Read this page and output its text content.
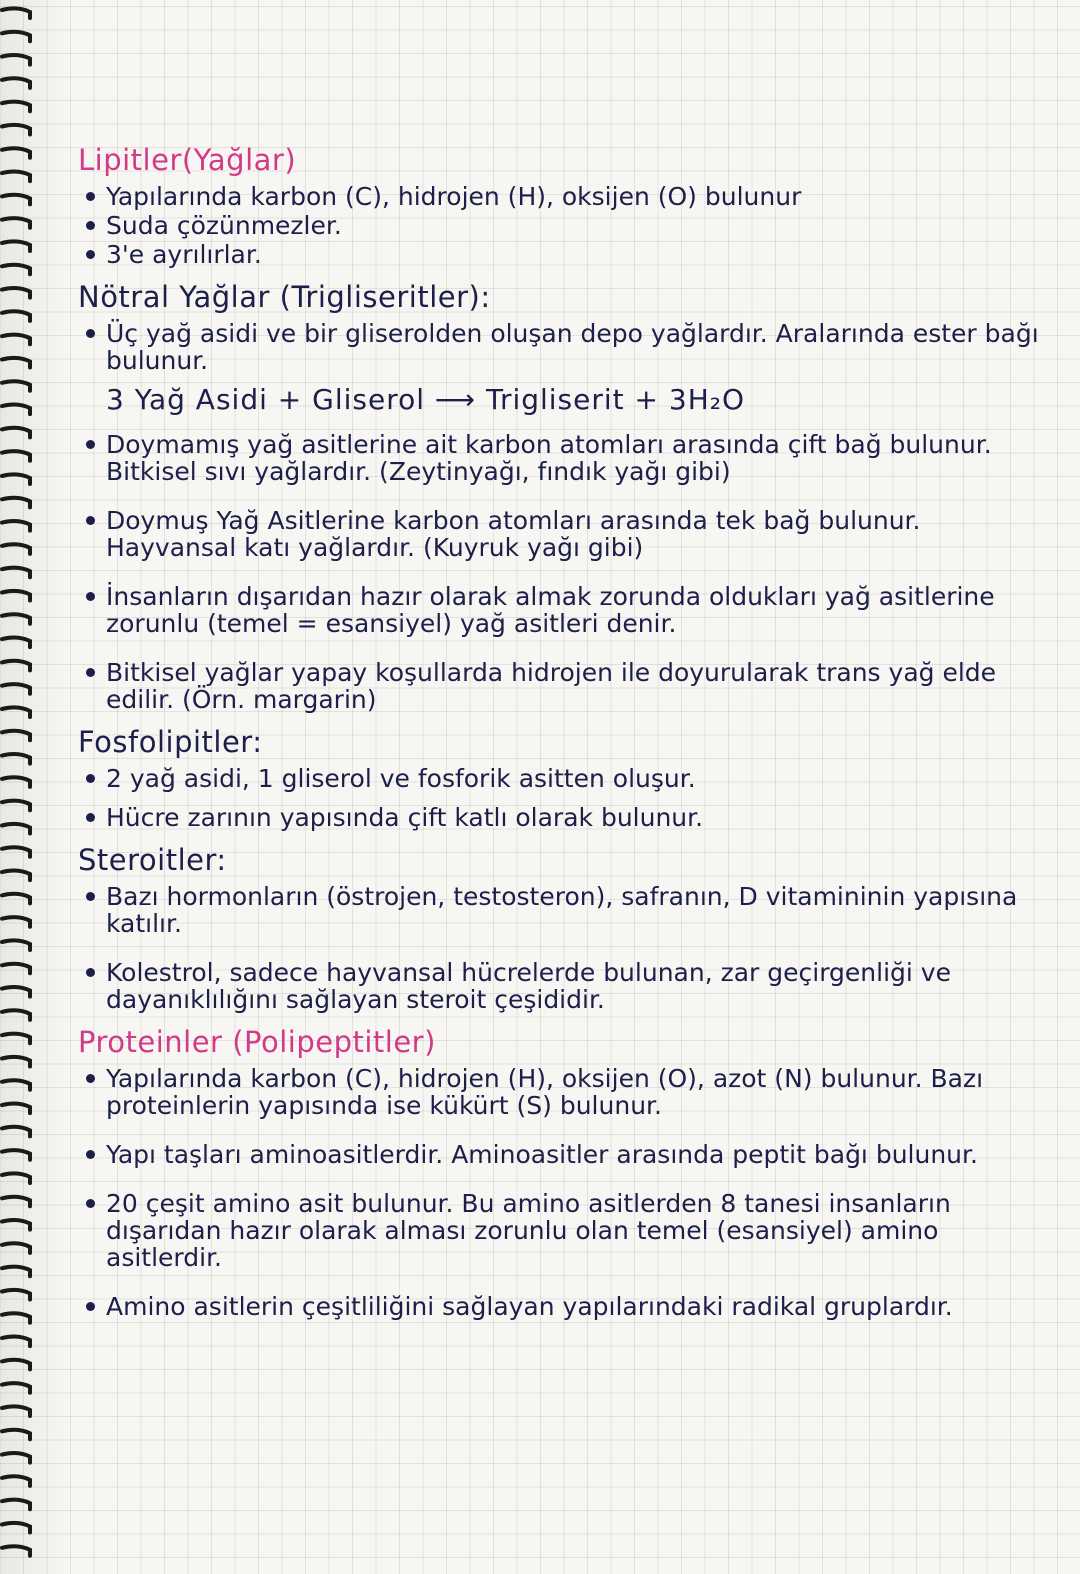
Lipitler(Yağlar)
Yapılarında karbon (C), hidrojen (H), oksijen (O) bulunur
Suda çözünmezler.
3'e ayrılırlar.
Nötral Yağlar (Trigliseritler):
Üç yağ asidi ve bir gliserolden oluşan depo yağlardır. Aralarında ester bağı bulunur.
3 Yağ Asidi + Gliserol ⟶ Trigliserit + 3H₂O
Doymamış yağ asitlerine ait karbon atomları arasında çift bağ bulunur. Bitkisel sıvı yağlardır. (Zeytinyağı, fındık yağı gibi)
Doymuş Yağ Asitlerine karbon atomları arasında tek bağ bulunur. Hayvansal katı yağlardır. (Kuyruk yağı gibi)
İnsanların dışarıdan hazır olarak almak zorunda oldukları yağ asitlerine zorunlu (temel = esansiyel) yağ asitleri denir.
Bitkisel yağlar yapay koşullarda hidrojen ile doyurularak trans yağ elde edilir. (Örn. margarin)
Fosfolipitler:
2 yağ asidi, 1 gliserol ve fosforik asitten oluşur.
Hücre zarının yapısında çift katlı olarak bulunur.
Steroitler:
Bazı hormonların (östrojen, testosteron), safranın, D vitamininin yapısına katılır.
Kolestrol, sadece hayvansal hücrelerde bulunan, zar geçirgenliği ve dayanıklılığını sağlayan steroit çeşididir.
Proteinler (Polipeptitler)
Yapılarında karbon (C), hidrojen (H), oksijen (O), azot (N) bulunur. Bazı proteinlerin yapısında ise kükürt (S) bulunur.
Yapı taşları aminoasitlerdir. Aminoasitler arasında peptit bağı bulunur.
20 çeşit amino asit bulunur. Bu amino asitlerden 8 tanesi insanların dışarıdan hazır olarak alması zorunlu olan temel (esansiyel) amino asitlerdir.
Amino asitlerin çeşitliliğini sağlayan yapılarındaki radikal gruplardır.
